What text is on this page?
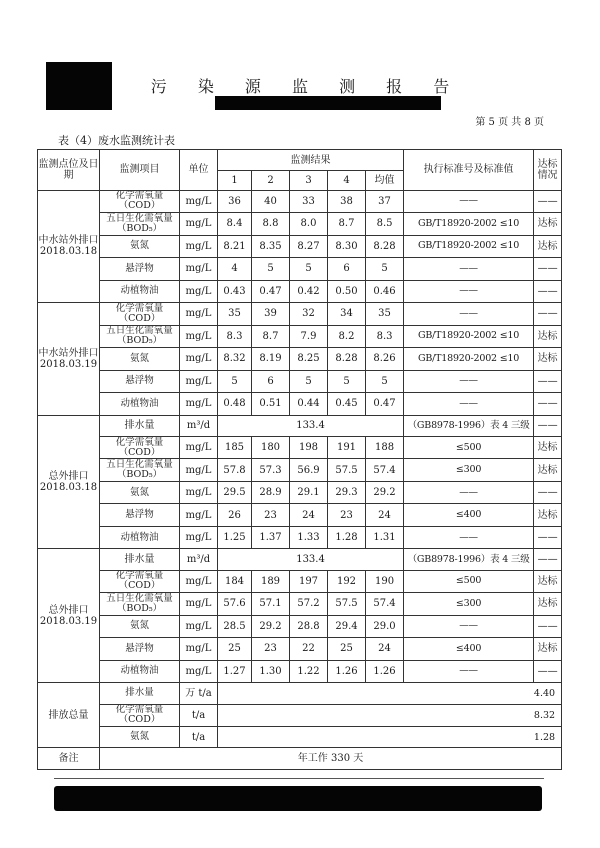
污 染 源 监 测 报 告
第 5 页 共 8 页
表（4）废水监测统计表
监测点位及日期	监测项目	单位	监测结果					执行标准号及标准值	达标情况
			1	2	3	4	均值		

中水站外排口
2018.03.18	化学需氧量（COD）	mg/L	36	40	33	38	37	——	——
	五日生化需氧量（BOD₅）	mg/L	8.4	8.8	8.0	8.7	8.5	GB/T18920-2002 ≤10	达标
	氨氮	mg/L	8.21	8.35	8.27	8.30	8.28	GB/T18920-2002 ≤10	达标
	悬浮物	mg/L	4	5	5	6	5	——	——
	动植物油	mg/L	0.43	0.47	0.42	0.50	0.46	——	——

中水站外排口
2018.03.19	化学需氧量（COD）	mg/L	35	39	32	34	35	——	——
	五日生化需氧量（BOD₅）	mg/L	8.3	8.7	7.9	8.2	8.3	GB/T18920-2002 ≤10	达标
	氨氮	mg/L	8.32	8.19	8.25	8.28	8.26	GB/T18920-2002 ≤10	达标
	悬浮物	mg/L	5	6	5	5	5	——	——
	动植物油	mg/L	0.48	0.51	0.44	0.45	0.47	——	——

总外排口
2018.03.18	排水量	m³/d	133.4					（GB8978-1996）表 4 三级	——
	化学需氧量（COD）	mg/L	185	180	198	191	188	≤500	达标
	五日生化需氧量（BOD₅）	mg/L	57.8	57.3	56.9	57.5	57.4	≤300	达标
	氨氮	mg/L	29.5	28.9	29.1	29.3	29.2	——	——
	悬浮物	mg/L	26	23	24	23	24	≤400	达标
	动植物油	mg/L	1.25	1.37	1.33	1.28	1.31	——	——

总外排口
2018.03.19	排水量	m³/d	133.4					（GB8978-1996）表 4 三级	——
	化学需氧量（COD）	mg/L	184	189	197	192	190	≤500	达标
	五日生化需氧量（BOD₅）	mg/L	57.6	57.1	57.2	57.5	57.4	≤300	达标
	氨氮	mg/L	28.5	29.2	28.8	29.4	29.0	——	——
	悬浮物	mg/L	25	23	22	25	24	≤400	达标
	动植物油	mg/L	1.27	1.30	1.22	1.26	1.26	——	——
排放总量	排水量	万 t/a	4.40						
	化学需氧量（COD）	t/a	8.32						
	氨氮	t/a	1.28						
备注	年工作 330 天								
